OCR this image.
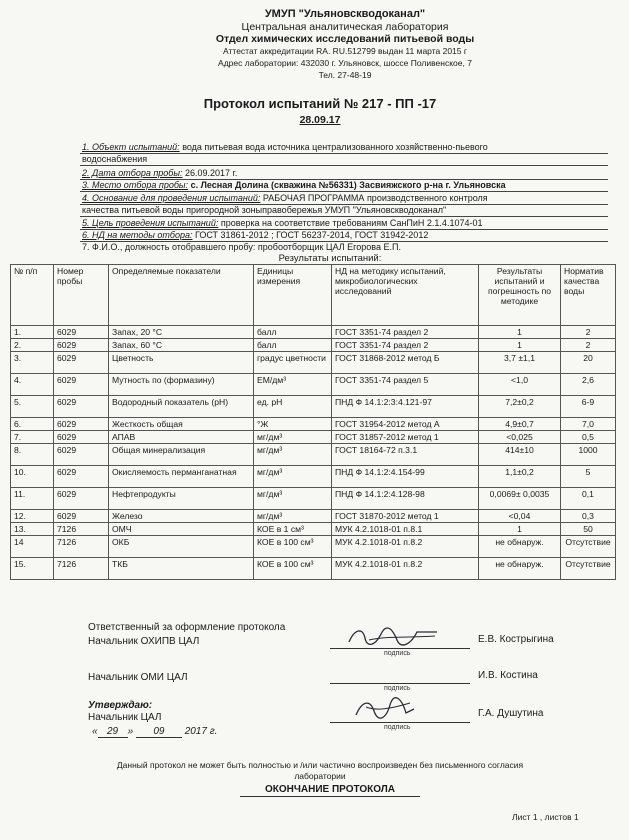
УМУП "Ульяновскводоканал"
Центральная аналитическая лаборатория
Отдел химических исследований питьевой воды
Аттестат аккредитации RA. RU.512799 выдан 11 марта 2015 г
Адрес лаборатории: 432030 г. Ульяновск, шоссе Поливенское, 7
Тел. 27-48-19
Протокол испытаний № 217 - ПП -17
28.09.17
1. Объект испытаний: вода питьевая вода источника централизованного хозяйственно-пьевого
водоснабжения
2. Дата отбора пробы: 26.09.2017 г.
3. Место отбора пробы: с. Лесная Долина (скважина №56331) Засвияжского р-на г. Ульяновска
4. Основание для проведения испытаний: РАБОЧАЯ ПРОГРАММА производственного контроля
качества питьевой воды пригородной зоныправобережья УМУП "Ульяновскводоканал"
5. Цель проведения испытаний: проверка на соответствие требованиям СанПиН 2.1.4.1074-01
6. НД на методы отбора: ГОСТ 31861-2012 ; ГОСТ 56237-2014, ГОСТ 31942-2012
7. Ф.И.О., должность отобравшего пробу: пробоотборщик ЦАЛ Егорова Е.П.
Результаты испытаний:
№ п/п	Номер пробы	Определяемые показатели	Единицы измерения	НД на методику испытаний, микробиологических исследований	Результаты испытаний и погрешность по методике	Норматив качества воды
1.	6029	Запах, 20 °С	балл	ГОСТ 3351-74 раздел 2	1	2
2.	6029	Запах, 60 °С	балл	ГОСТ 3351-74 раздел 2	1	2
3.	6029	Цветность	градус цветности	ГОСТ 31868-2012 метод Б	3,7 ±1,1	20
4.	6029	Мутность по (формазину)	ЕМ/дм³	ГОСТ 3351-74 раздел 5	<1,0	2,6
5.	6029	Водородный показатель (рН)	ед. рН	ПНД Ф 14.1:2:3:4.121-97	7,2±0,2	6-9
6.	6029	Жесткость общая	°Ж	ГОСТ 31954-2012 метод А	4,9±0,7	7,0
7.	6029	АПАВ	мг/дм³	ГОСТ 31857-2012 метод 1	<0,025	0,5
8.	6029	Общая минерализация	мг/дм³	ГОСТ 18164-72 п.3.1	414±10	1000
10.	6029	Окисляемость перманганатная	мг/дм³	ПНД Ф 14.1:2:4.154-99	1,1±0,2	5
11.	6029	Нефтепродукты	мг/дм³	ПНД Ф 14.1:2:4.128-98	0,0069± 0,0035	0,1
12.	6029	Железо	мг/дм³	ГОСТ 31870-2012 метод 1	<0,04	0,3
13.	7126	ОМЧ	КОЕ в 1 см³	МУК 4.2.1018-01 п.8.1	1	50
14	7126	ОКБ	КОЕ в 100 см³	МУК 4.2.1018-01 п.8.2	не обнаруж.	Отсутствие
15.	7126	ТКБ	КОЕ в 100 см³	МУК 4.2.1018-01 п.8.2	не обнаруж.	Отсутствие
Ответственный за оформление протокола
Начальник ОХИПВ ЦАЛ
подпись
Е.В. Кострыгина
Начальник ОМИ ЦАЛ
подпись
И.В. Костина
Утверждаю:
Начальник ЦАЛ
подпись
Г.А. Душутина
« 29 » 09 2017 г.
Данный протокол не может быть полностью и /или частично воспроизведен без письменного согласия
лаборатории
ОКОНЧАНИЕ ПРОТОКОЛА
Лист 1 , листов 1
